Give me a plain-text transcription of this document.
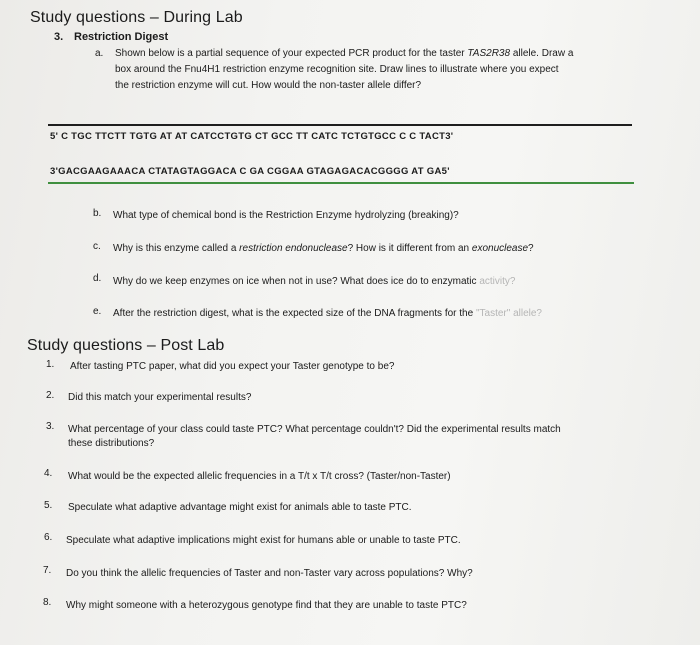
Study questions – During Lab
3. Restriction Digest
a. Shown below is a partial sequence of your expected PCR product for the taster TAS2R38 allele. Draw a
box around the Fnu4H1 restriction enzyme recognition site. Draw lines to illustrate where you expect
the restriction enzyme will cut. How would the non-taster allele differ?
5' C TGC TTCTT TGTG AT AT CATCCTGTG CT GCC TT CATC TCTGTGCC C C TACT3'
3'GACGAAGAAACA CTATAGTAGGACA C GA CGGAA GTAGAGACACGGGG AT GA5'
b. What type of chemical bond is the Restriction Enzyme hydrolyzing (breaking)?
c. Why is this enzyme called a restriction endonuclease? How is it different from an exonuclease?
d. Why do we keep enzymes on ice when not in use? What does ice do to enzymatic activity?
e. After the restriction digest, what is the expected size of the DNA fragments for the "Taster" allele?
Study questions – Post Lab
1. After tasting PTC paper, what did you expect your Taster genotype to be?
2. Did this match your experimental results?
3. What percentage of your class could taste PTC? What percentage couldn't? Did the experimental results match
these distributions?
4. What would be the expected allelic frequencies in a T/t x T/t cross? (Taster/non-Taster)
5. Speculate what adaptive advantage might exist for animals able to taste PTC.
6. Speculate what adaptive implications might exist for humans able or unable to taste PTC.
7. Do you think the allelic frequencies of Taster and non-Taster vary across populations? Why?
8. Why might someone with a heterozygous genotype find that they are unable to taste PTC?
